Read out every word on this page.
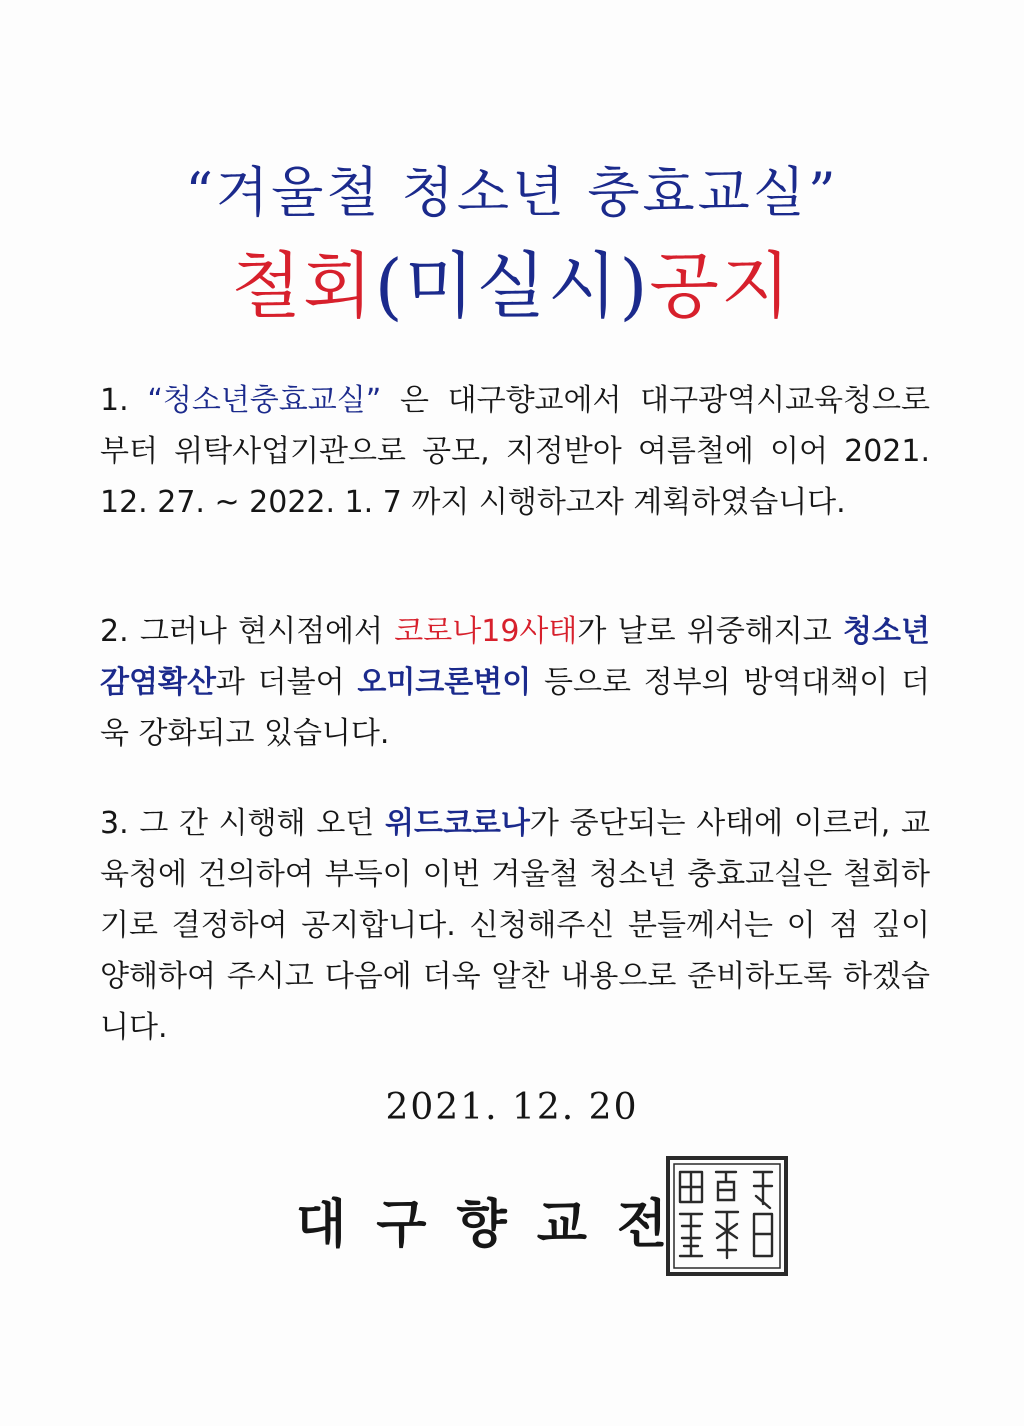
“겨울철 청소년 충효교실”
철회(미실시)공지
1. “청소년충효교실” 은 대구향교에서 대구광역시교육청으로 부터 위탁사업기관으로 공모, 지정받아 여름철에 이어 2021. 12. 27. ~ 2022. 1. 7 까지 시행하고자 계획하였습니다.
2. 그러나 현시점에서 코로나19사태가 날로 위중해지고 청소년감염확산과 더불어 오미크론변이 등으로 정부의 방역대책이 더욱 강화되고 있습니다.
3. 그 간 시행해 오던 위드코로나가 중단되는 사태에 이르러, 교육청에 건의하여 부득이 이번 겨울철 청소년 충효교실은 철회하기로 결정하여 공지합니다. 신청해주신 분들께서는 이 점 깊이 양해하여 주시고 다음에 더욱 알찬 내용으로 준비하도록 하겠습니다.
2021. 12. 20
대구향교전
